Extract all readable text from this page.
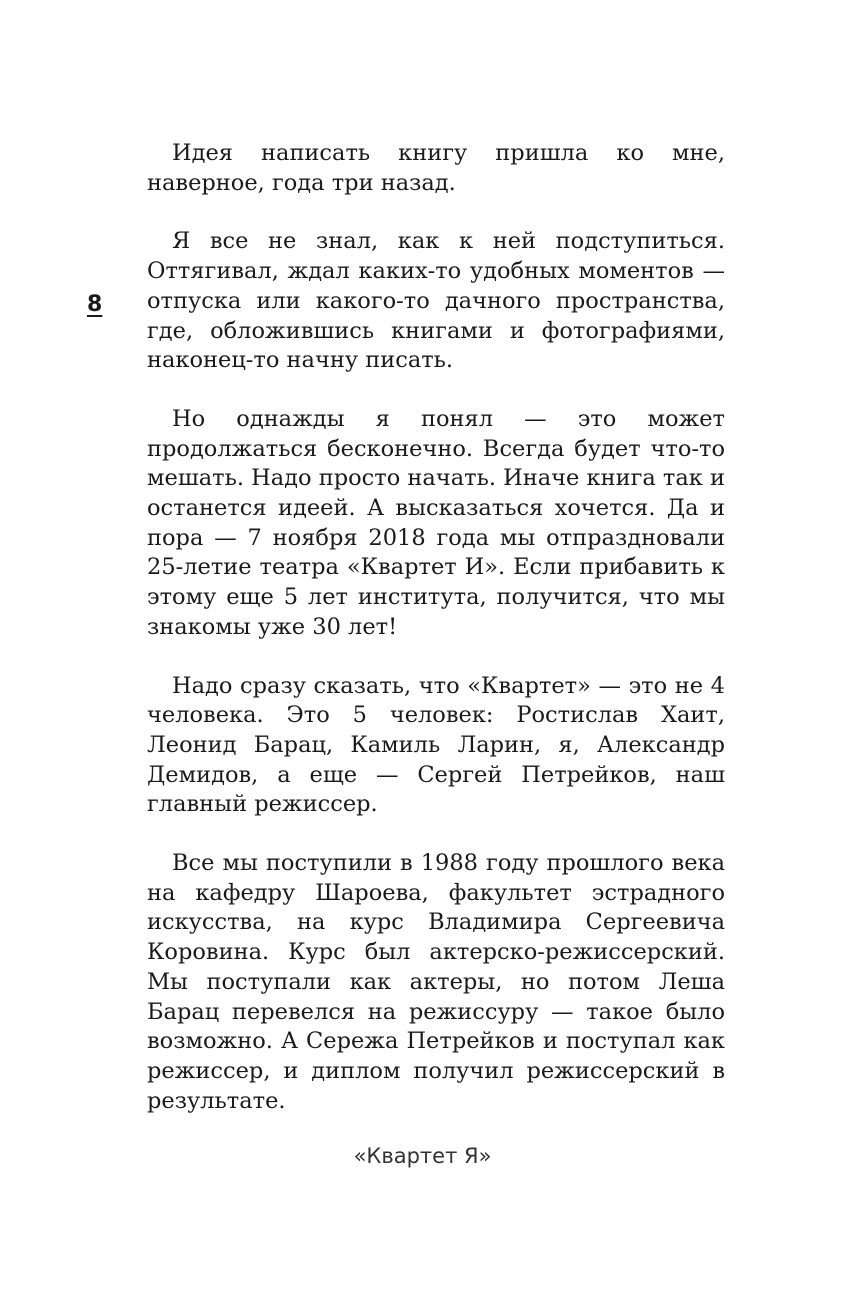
8

Идея написать книгу пришла ко мне, наверное, года три назад.

Я все не знал, как к ней подступиться. Оттягивал, ждал каких-то удобных моментов — отпуска или какого-то дачного пространства, где, обложившись книгами и фотографиями, наконец-то начну писать.

Но однажды я понял — это может продолжаться бесконечно. Всегда будет что-то мешать. Надо просто начать. Иначе книга так и останется идеей. А высказаться хочется. Да и пора — 7 ноября 2018 года мы отпраздновали 25-летие театра «Квартет И». Если прибавить к этому еще 5 лет института, получится, что мы знакомы уже 30 лет!

Надо сразу сказать, что «Квартет» — это не 4 человека. Это 5 человек: Ростислав Хаит, Леонид Барац, Камиль Ларин, я, Александр Демидов, а еще — Сергей Петрейков, наш главный режиссер.

Все мы поступили в 1988 году прошлого века на кафедру Шароева, факультет эстрадного искусства, на курс Владимира Сергеевича Коровина. Курс был актерско-режиссерский. Мы поступали как актеры, но потом Леша Барац перевелся на режиссуру — такое было возможно. А Сережа Петрейков и поступал как режиссер, и диплом получил режиссерский в результате.

«Квартет Я»
